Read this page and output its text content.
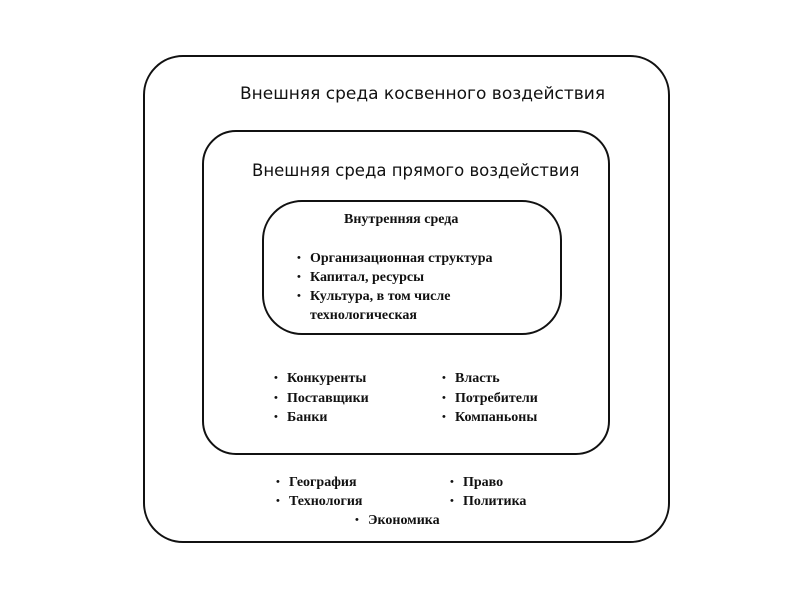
Внешняя среда косвенного воздействия
Внешняя среда прямого воздействия
Внутренняя среда
• Организационная структура
• Капитал, ресурсы
• Культура, в том числе технологическая
• Конкуренты
• Поставщики
• Банки
• Власть
• Потребители
• Компаньоны
• География
• Технология
• Право
• Политика
• Экономика
